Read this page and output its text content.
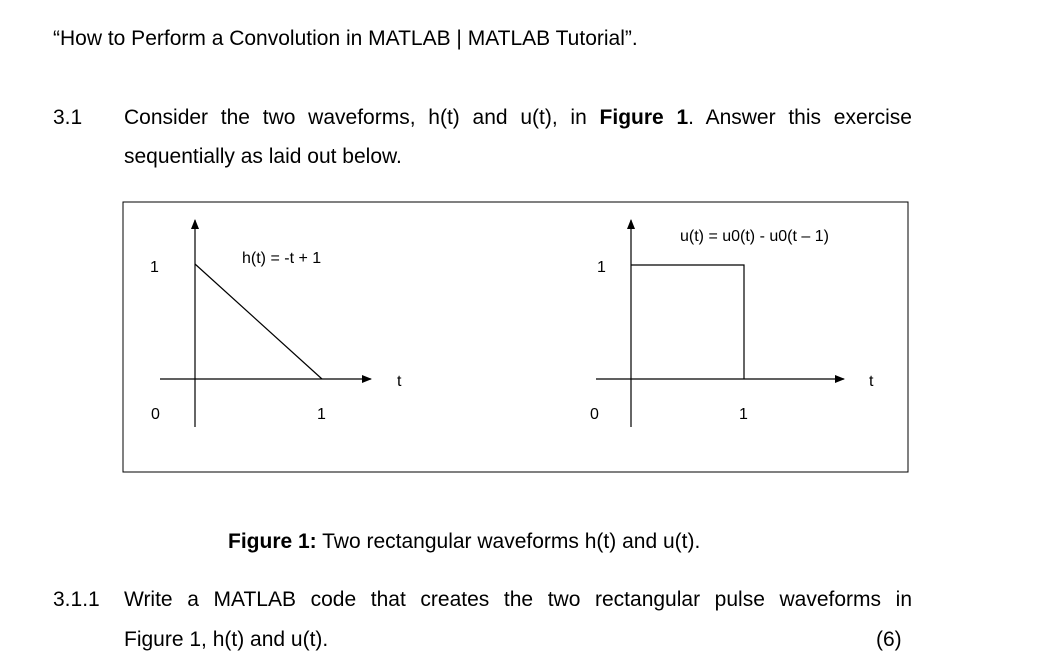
“How to Perform a Convolution in MATLAB | MATLAB Tutorial”.
3.1 Consider the two waveforms, h(t) and u(t), in Figure 1. Answer this exercise
sequentially as laid out below.
h(t) = -t + 1
1
0	1
t
u(t) = u0(t) - u0(t – 1)
1
0	1
t
Figure 1: Two rectangular waveforms h(t) and u(t).
3.1.1 Write a MATLAB code that creates the two rectangular pulse waveforms in
Figure 1, h(t) and u(t).	(6)
